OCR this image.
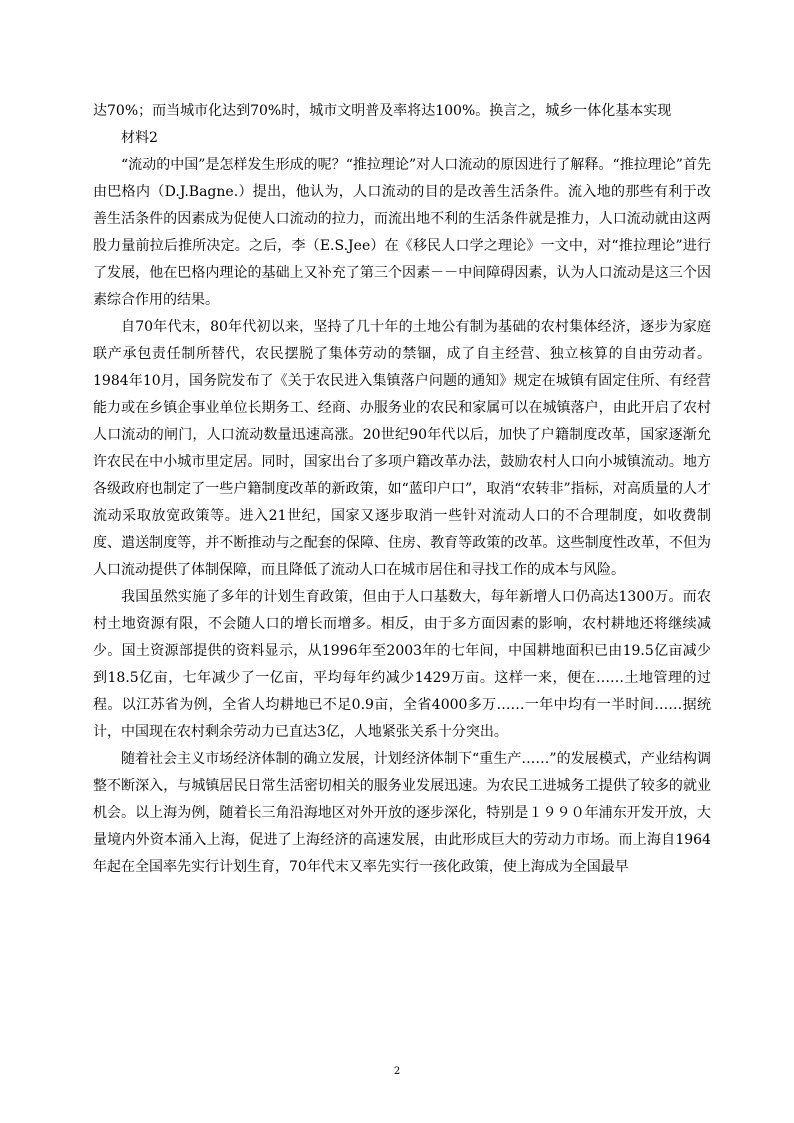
达70%；而当城市化达到70%时，城市文明普及率将达100%。换言之，城乡一体化基本实现

材料2

“流动的中国”是怎样发生形成的呢？“推拉理论”对人口流动的原因进行了解释。“推拉理论”首先由巴格内（D.J.Bagne.）提出，他认为，人口流动的目的是改善生活条件。流入地的那些有利于改善生活条件的因素成为促使人口流动的拉力，而流出地不利的生活条件就是推力，人口流动就由这两股力量前拉后推所决定。之后，李（E.S.Jee）在《移民人口学之理论》一文中，对“推拉理论”进行了发展，他在巴格内理论的基础上又补充了第三个因素－－中间障碍因素，认为人口流动是这三个因素综合作用的结果。

自70年代末，80年代初以来，坚持了几十年的土地公有制为基础的农村集体经济，逐步为家庭联产承包责任制所替代，农民摆脱了集体劳动的禁锢，成了自主经营、独立核算的自由劳动者。1984年10月，国务院发布了《关于农民进入集镇落户问题的通知》规定在城镇有固定住所、有经营能力或在乡镇企事业单位长期务工、经商、办服务业的农民和家属可以在城镇落户，由此开启了农村人口流动的闸门，人口流动数量迅速高涨。20世纪90年代以后，加快了户籍制度改革，国家逐渐允许农民在中小城市里定居。同时，国家出台了多项户籍改革办法，鼓励农村人口向小城镇流动。地方各级政府也制定了一些户籍制度改革的新政策，如“蓝印户口”，取消“农转非”指标，对高质量的人才流动采取放宽政策等。进入21世纪，国家又逐步取消一些针对流动人口的不合理制度，如收费制度、遣送制度等，并不断推动与之配套的保障、住房、教育等政策的改革。这些制度性改革，不但为人口流动提供了体制保障，而且降低了流动人口在城市居住和寻找工作的成本与风险。

我国虽然实施了多年的计划生育政策，但由于人口基数大，每年新增人口仍高达1300万。而农村土地资源有限，不会随人口的增长而增多。相反，由于多方面因素的影响，农村耕地还将继续减少。国土资源部提供的资料显示，从1996年至2003年的七年间，中国耕地面积已由19.5亿亩减少到18.5亿亩，七年减少了一亿亩，平均每年约减少1429万亩。这样一来，便在……土地管理的过程。以江苏省为例，全省人均耕地已不足0.9亩，全省4000多万……一年中均有一半时间……据统计，中国现在农村剩余劳动力已直达3亿，人地紧张关系十分突出。

随着社会主义市场经济体制的确立发展，计划经济体制下“重生产……”的发展模式，产业结构调整不断深入，与城镇居民日常生活密切相关的服务业发展迅速。为农民工进城务工提供了较多的就业机会。以上海为例，随着长三角沿海地区对外开放的逐步深化，特别是１９９０年浦东开发开放，大量境内外资本涌入上海，促进了上海经济的高速发展，由此形成巨大的劳动力市场。而上海自1964年起在全国率先实行计划生育，70年代末又率先实行一孩化政策，使上海成为全国最早

2
